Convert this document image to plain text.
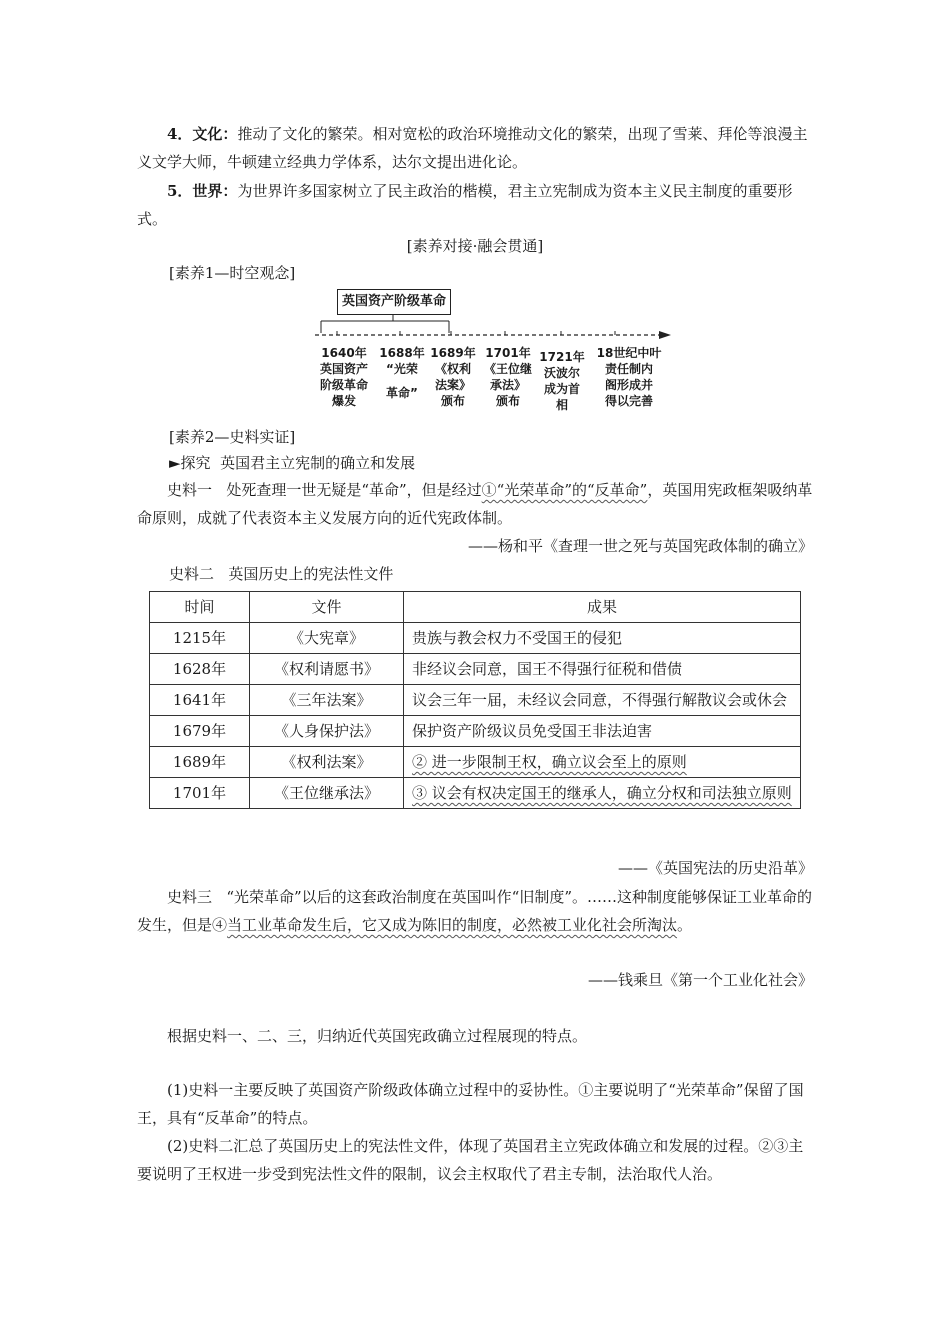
4．文化：推动了文化的繁荣。相对宽松的政治环境推动文化的繁荣，出现了雪莱、拜伦等浪漫主义文学大师，牛顿建立经典力学体系，达尔文提出进化论。
5．世界：为世界许多国家树立了民主政治的楷模，君主立宪制成为资本主义民主制度的重要形式。
[素养对接·融会贯通]
[素养1—时空观念]
英国资产阶级革命
1640年
英国资产
阶级革命
爆发
1688年
“光荣
革命”
1689年
《权利
法案》
颁布
1701年
《王位继
承法》
颁布
1721年
沃波尔
成为首
相
18世纪中叶
责任制内
阁形成并
得以完善
[素养2—史料实证]
►探究 英国君主立宪制的确立和发展
史料一 处死查理一世无疑是“革命”，但是经过①“光荣革命”的“反革命”，英国用宪政框架吸纳革命原则，成就了代表资本主义发展方向的近代宪政体制。
——杨和平《查理一世之死与英国宪政体制的确立》
史料二 英国历史上的宪法性文件
时间	文件	成果
1215年	《大宪章》	贵族与教会权力不受国王的侵犯
1628年	《权利请愿书》	非经议会同意，国王不得强行征税和借债
1641年	《三年法案》	议会三年一届，未经议会同意，不得强行解散议会或休会
1679年	《人身保护法》	保护资产阶级议员免受国王非法迫害
1689年	《权利法案》	② 进一步限制王权，确立议会至上的原则
1701年	《王位继承法》	③ 议会有权决定国王的继承人，确立分权和司法独立原则
——《英国宪法的历史沿革》
史料三 “光荣革命”以后的这套政治制度在英国叫作“旧制度”。……这种制度能够保证工业革命的发生，但是④当工业革命发生后，它又成为陈旧的制度，必然被工业化社会所淘汰。
——钱乘旦《第一个工业化社会》
根据史料一、二、三，归纳近代英国宪政确立过程展现的特点。
(1)史料一主要反映了英国资产阶级政体确立过程中的妥协性。①主要说明了“光荣革命”保留了国王，具有“反革命”的特点。
(2)史料二汇总了英国历史上的宪法性文件，体现了英国君主立宪政体确立和发展的过程。②③主要说明了王权进一步受到宪法性文件的限制，议会主权取代了君主专制，法治取代人治。
